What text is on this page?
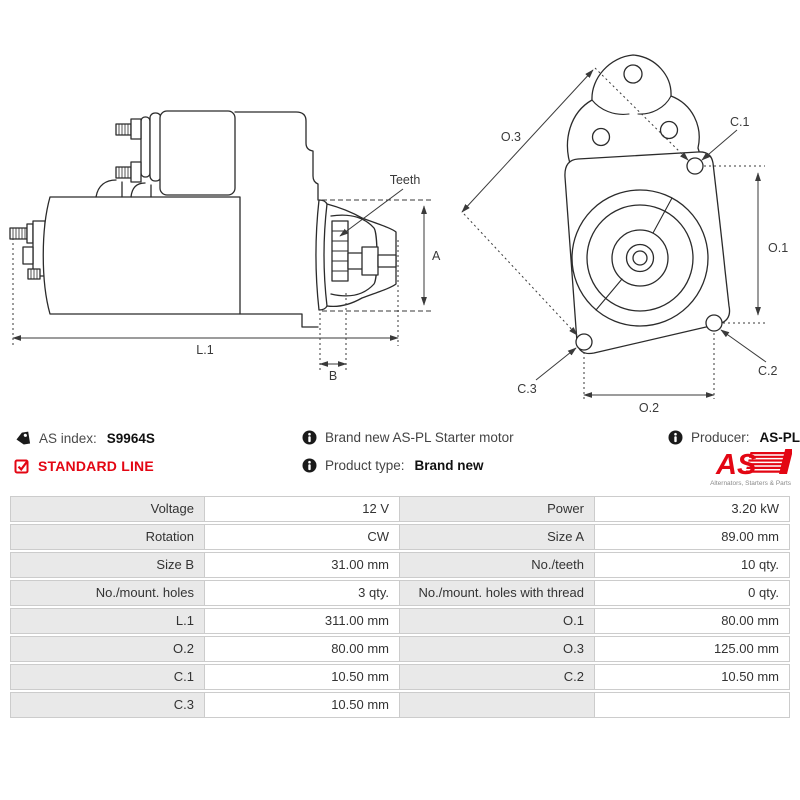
Teeth
A
L.1
B
O.3
C.1
O.1
C.2
C.3
O.2
AS index: S9964S
STANDARD LINE
Brand new AS-PL Starter motor
Product type: Brand new
Producer: AS-PL
AS
Alternators, Starters & Parts
Voltage	12 V	Power	3.20 kW
Rotation	CW	Size A	89.00 mm
Size B	31.00 mm	No./teeth	10 qty.
No./mount. holes	3 qty.	No./mount. holes with thread	0 qty.
L.1	311.00 mm	O.1	80.00 mm
O.2	80.00 mm	O.3	125.00 mm
C.1	10.50 mm	C.2	10.50 mm
C.3	10.50 mm		
